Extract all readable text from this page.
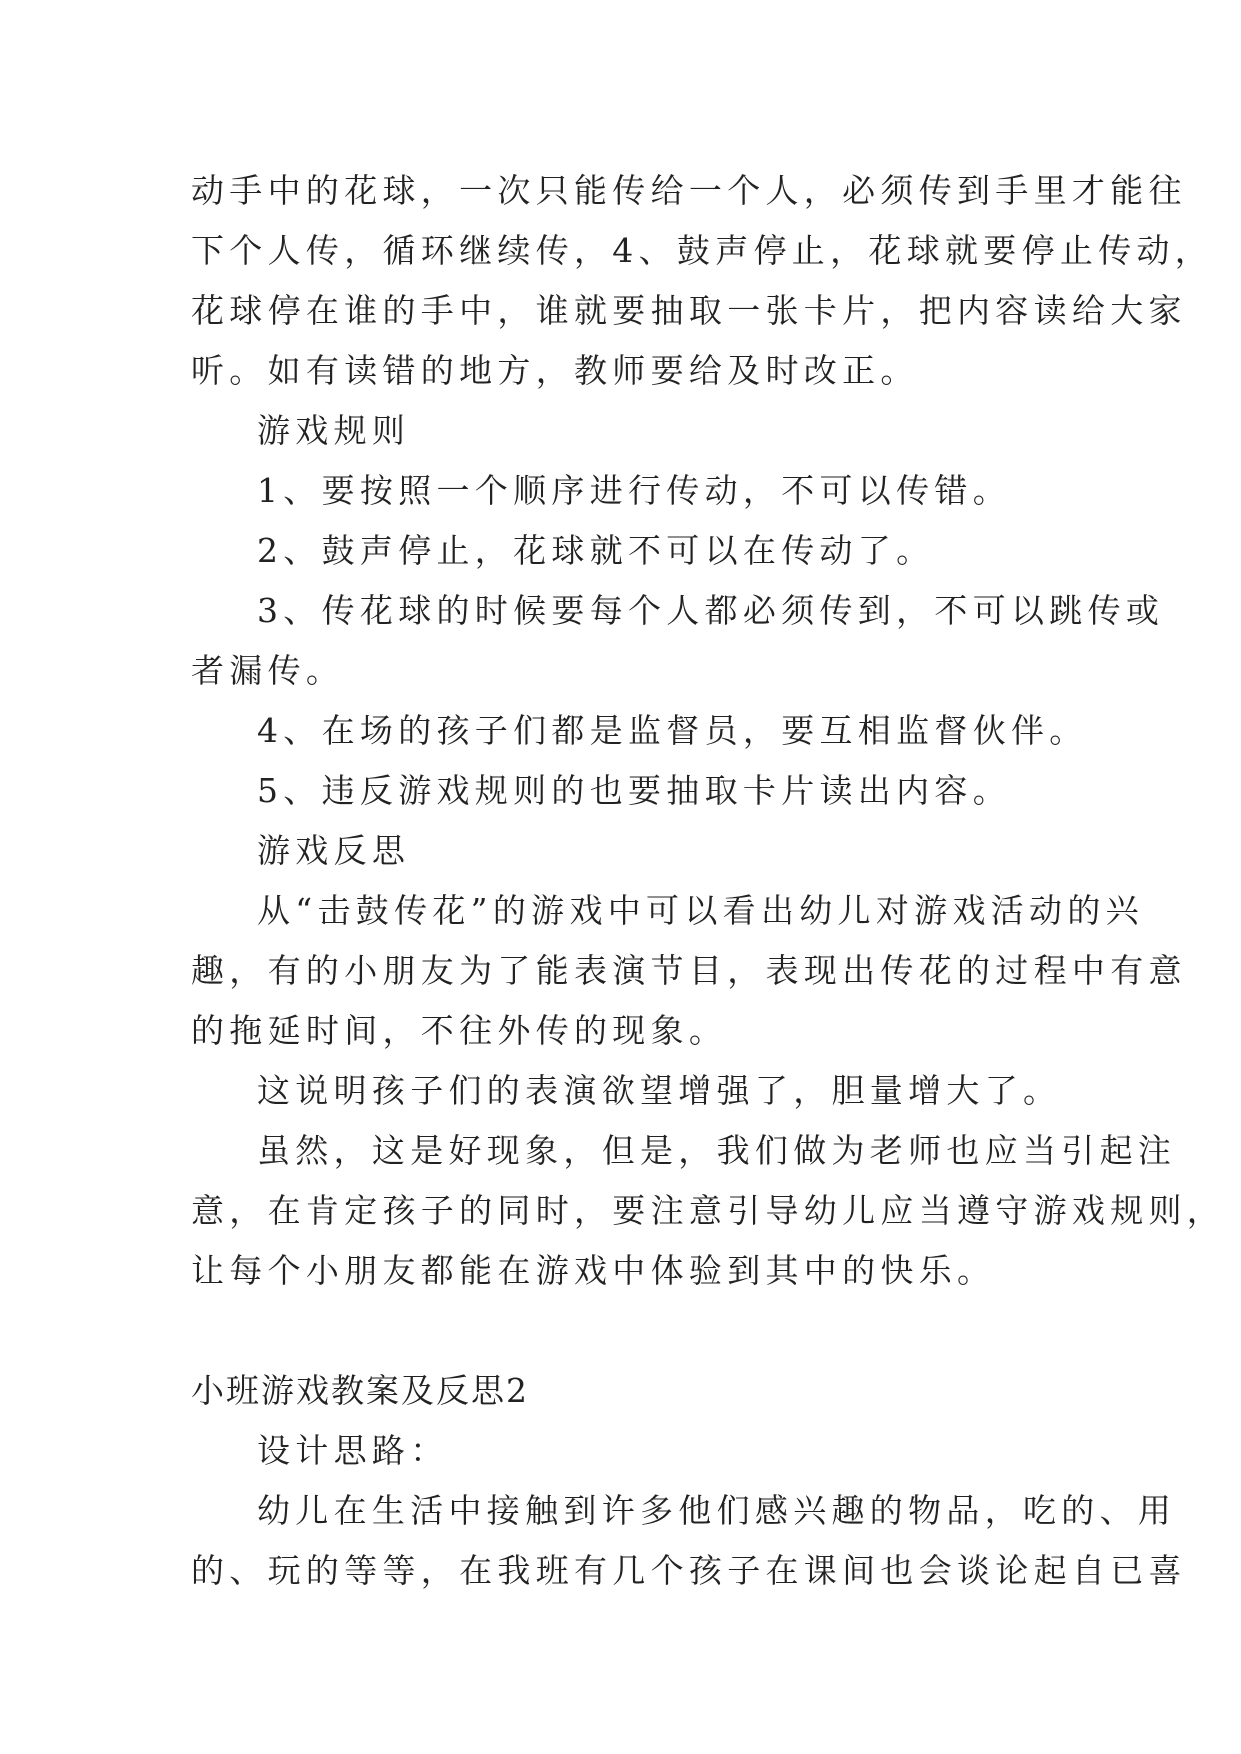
动手中的花球，一次只能传给一个人，必须传到手里才能往

下个人传，循环继续传，4、鼓声停止，花球就要停止传动，

花球停在谁的手中，谁就要抽取一张卡片，把内容读给大家

听。如有读错的地方，教师要给及时改正。

游戏规则

1、要按照一个顺序进行传动，不可以传错。

2、鼓声停止，花球就不可以在传动了。

3、传花球的时候要每个人都必须传到，不可以跳传或

者漏传。

4、在场的孩子们都是监督员，要互相监督伙伴。

5、违反游戏规则的也要抽取卡片读出内容。

游戏反思

从“击鼓传花”的游戏中可以看出幼儿对游戏活动的兴

趣，有的小朋友为了能表演节目，表现出传花的过程中有意

的拖延时间，不往外传的现象。

这说明孩子们的表演欲望增强了，胆量增大了。

虽然，这是好现象，但是，我们做为老师也应当引起注

意，在肯定孩子的同时，要注意引导幼儿应当遵守游戏规则，

让每个小朋友都能在游戏中体验到其中的快乐。

小班游戏教案及反思2

设计思路：

幼儿在生活中接触到许多他们感兴趣的物品，吃的、用

的、玩的等等，在我班有几个孩子在课间也会谈论起自已喜
